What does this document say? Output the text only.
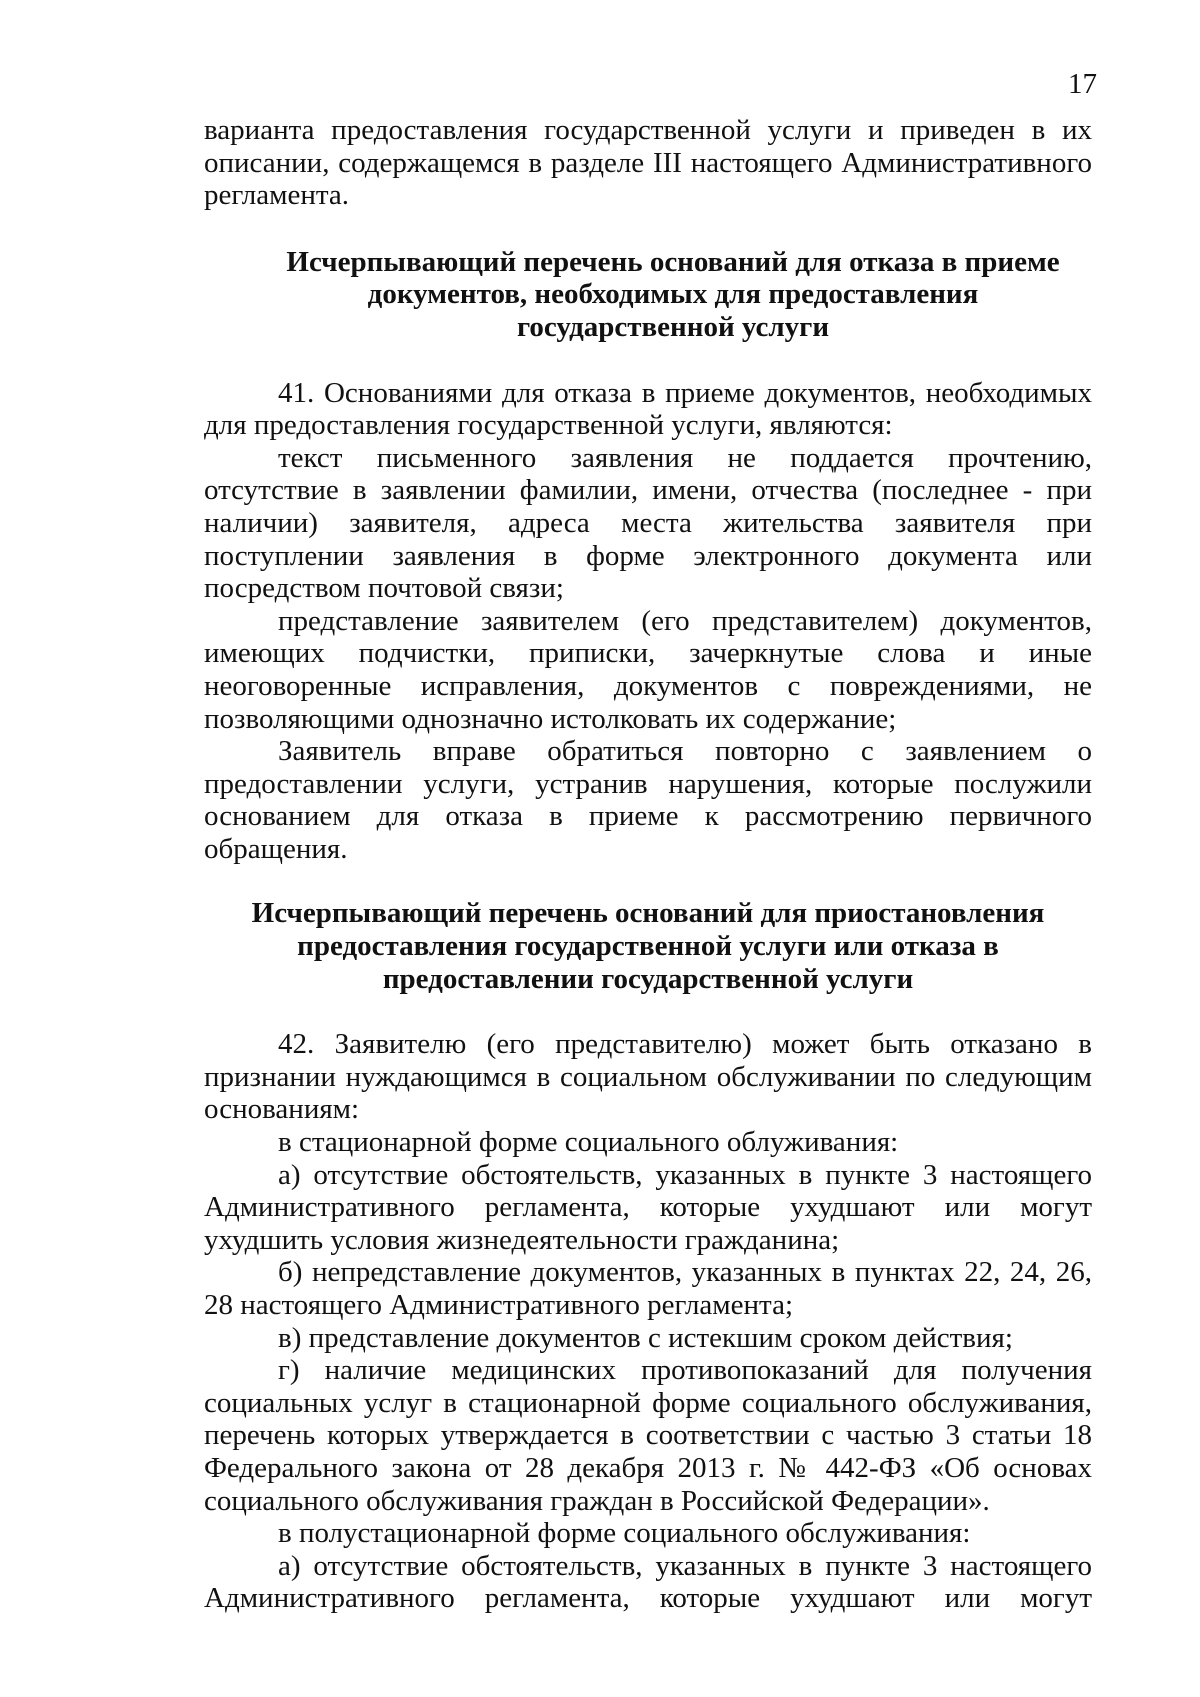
17

варианта предоставления государственной услуги и приведен в их описании, содержащемся в разделе III настоящего Административного регламента.

Исчерпывающий перечень оснований для отказа в приеме
документов, необходимых для предоставления
государственной услуги

41. Основаниями для отказа в приеме документов, необходимых для предоставления государственной услуги, являются:

текст письменного заявления не поддается прочтению, отсутствие в заявлении фамилии, имени, отчества (последнее - при наличии) заявителя, адреса места жительства заявителя при поступлении заявления в форме электронного документа или посредством почтовой связи;

представление заявителем (его представителем) документов, имеющих подчистки, приписки, зачеркнутые слова и иные неоговоренные исправления, документов с повреждениями, не позволяющими однозначно истолковать их содержание;

Заявитель вправе обратиться повторно с заявлением о предоставлении услуги, устранив нарушения, которые послужили основанием для отказа в приеме к рассмотрению первичного обращения.

Исчерпывающий перечень оснований для приостановления
предоставления государственной услуги или отказа в
предоставлении государственной услуги

42. Заявителю (его представителю) может быть отказано в признании нуждающимся в социальном обслуживании по следующим основаниям:

в стационарной форме социального облуживания:

а) отсутствие обстоятельств, указанных в пункте 3 настоящего Административного регламента, которые ухудшают или могут ухудшить условия жизнедеятельности гражданина;

б) непредставление документов, указанных в пунктах 22, 24, 26, 28 настоящего Административного регламента;

в) представление документов с истекшим сроком действия;

г) наличие медицинских противопоказаний для получения социальных услуг в стационарной форме социального обслуживания, перечень которых утверждается в соответствии с частью 3 статьи 18 Федерального закона от 28 декабря 2013 г. № 442-ФЗ «Об основах социального обслуживания граждан в Российской Федерации».

в полустационарной форме социального обслуживания:

а) отсутствие обстоятельств, указанных в пункте 3 настоящего Административного регламента, которые ухудшают или могут
